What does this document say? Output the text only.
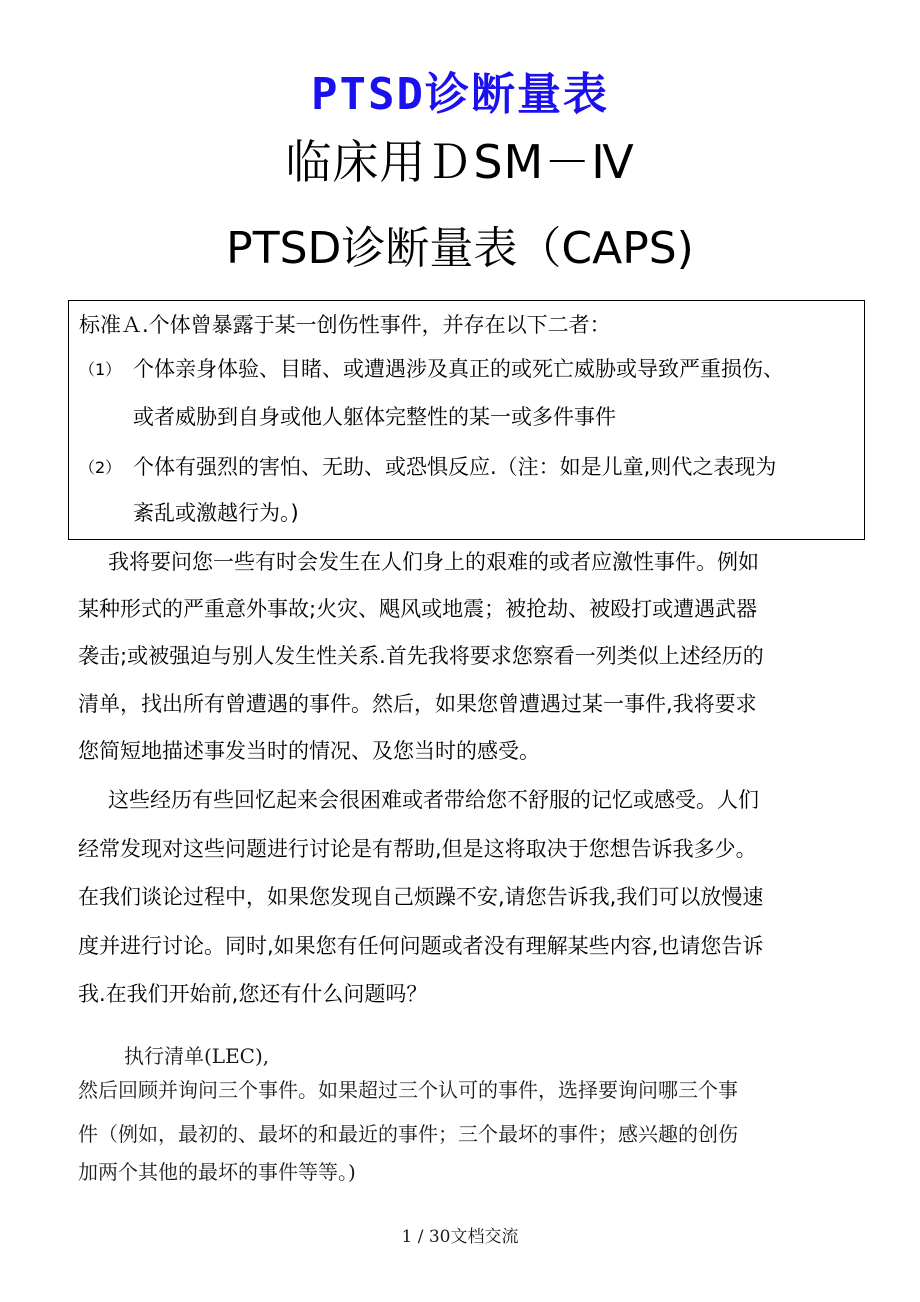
PTSD诊断量表
临床用ＤSM－Ⅳ
PTSD诊断量表（CAPS)
标准Ａ.个体曾暴露于某一创伤性事件，并存在以下二者：
（1） 个体亲身体验、目睹、或遭遇涉及真正的或死亡威胁或导致严重损伤、
或者威胁到自身或他人躯体完整性的某一或多件事件
（2） 个体有强烈的害怕、无助、或恐惧反应.（注：如是儿童,则代之表现为
紊乱或激越行为。)
我将要问您一些有时会发生在人们身上的艰难的或者应激性事件。例如
某种形式的严重意外事故;火灾、飓风或地震；被抢劫、被殴打或遭遇武器
袭击;或被强迫与别人发生性关系.首先我将要求您察看一列类似上述经历的
清单，找出所有曾遭遇的事件。然后，如果您曾遭遇过某一事件,我将要求
您简短地描述事发当时的情况、及您当时的感受。
这些经历有些回忆起来会很困难或者带给您不舒服的记忆或感受。人们
经常发现对这些问题进行讨论是有帮助,但是这将取决于您想告诉我多少。
在我们谈论过程中，如果您发现自己烦躁不安,请您告诉我,我们可以放慢速
度并进行讨论。同时,如果您有任何问题或者没有理解某些内容,也请您告诉
我.在我们开始前,您还有什么问题吗？
执行清单(LEC),
然后回顾并询问三个事件。如果超过三个认可的事件，选择要询问哪三个事
件（例如，最初的、最坏的和最近的事件；三个最坏的事件；感兴趣的创伤
加两个其他的最坏的事件等等。)
1 / 30文档交流
